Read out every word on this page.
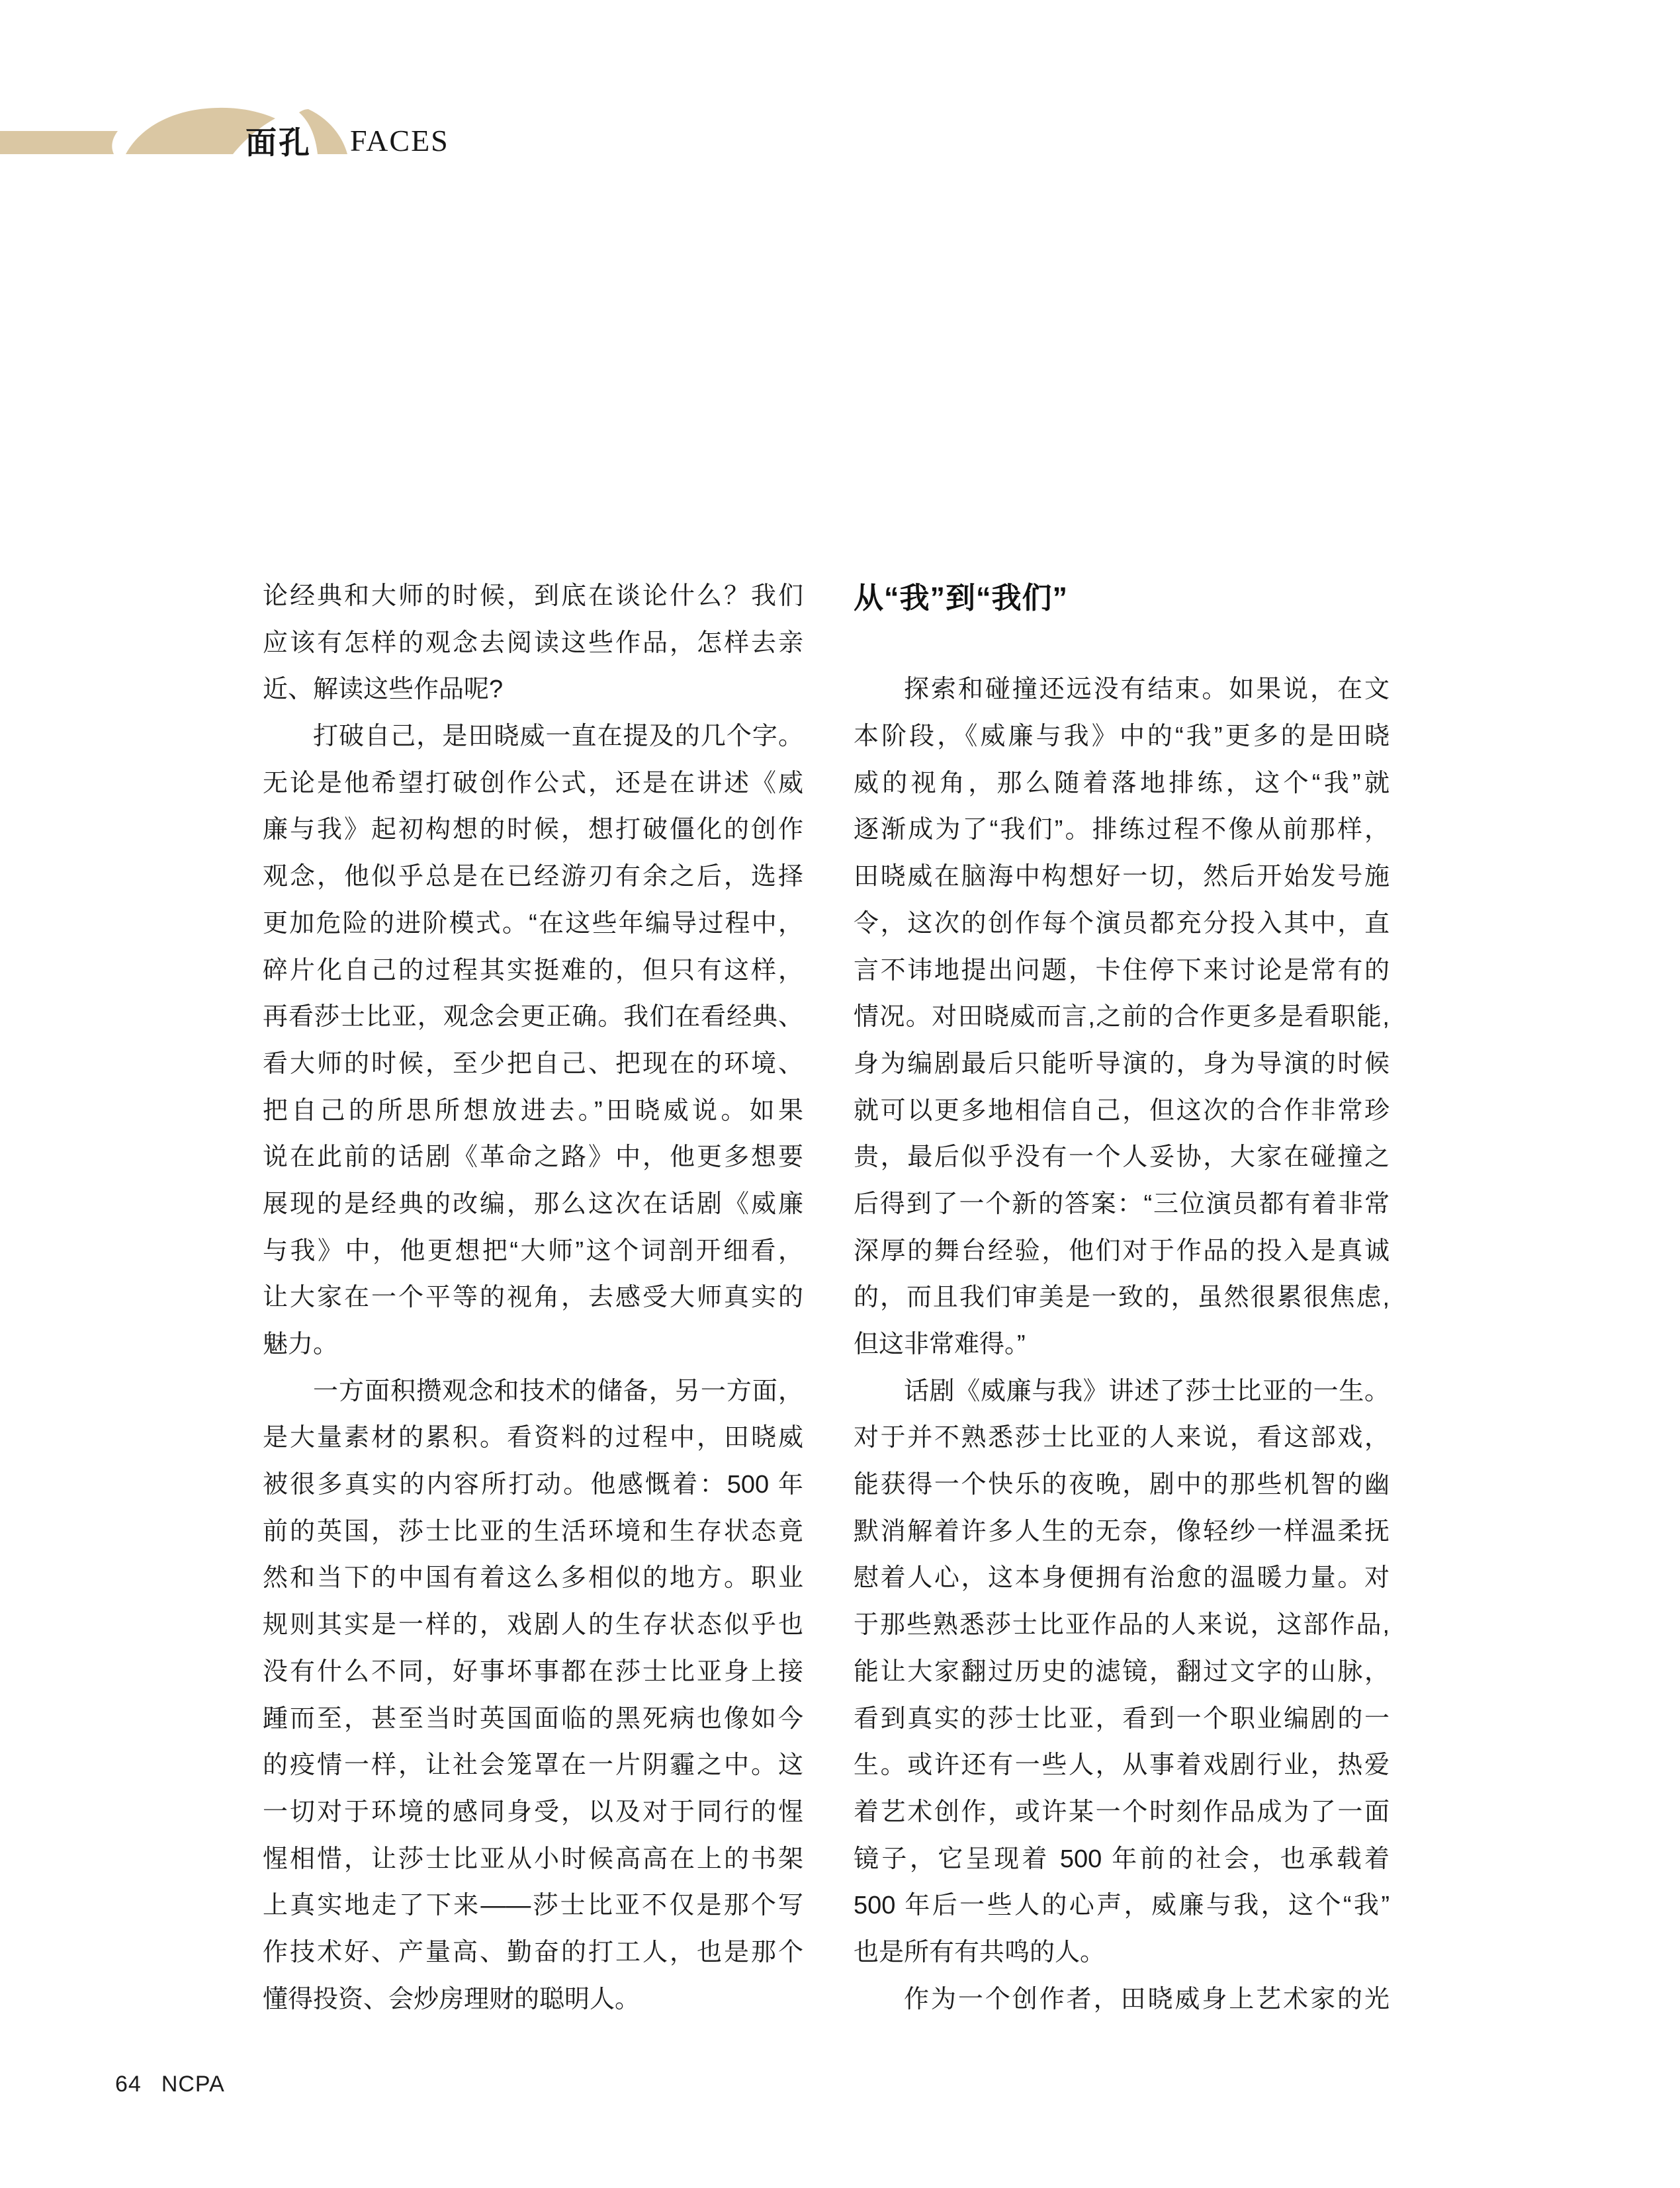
面孔 FACES
论经典和大师的时候，到底在谈论什么？我们
应该有怎样的观念去阅读这些作品，怎样去亲
近、解读这些作品呢?
打破自己，是田晓威一直在提及的几个字。
无论是他希望打破创作公式，还是在讲述《威
廉与我》起初构想的时候，想打破僵化的创作
观念，他似乎总是在已经游刃有余之后，选择
更加危险的进阶模式。“在这些年编导过程中，
碎片化自己的过程其实挺难的，但只有这样，
再看莎士比亚，观念会更正确。我们在看经典、
看大师的时候，至少把自己、把现在的环境、
把自己的所思所想放进去。”田晓威说。如果
说在此前的话剧《革命之路》中，他更多想要
展现的是经典的改编，那么这次在话剧《威廉
与我》中，他更想把“大师”这个词剖开细看，
让大家在一个平等的视角，去感受大师真实的
魅力。
一方面积攒观念和技术的储备，另一方面，
是大量素材的累积。看资料的过程中，田晓威
被很多真实的内容所打动。他感慨着：500 年
前的英国，莎士比亚的生活环境和生存状态竟
然和当下的中国有着这么多相似的地方。职业
规则其实是一样的，戏剧人的生存状态似乎也
没有什么不同，好事坏事都在莎士比亚身上接
踵而至，甚至当时英国面临的黑死病也像如今
的疫情一样，让社会笼罩在一片阴霾之中。这
一切对于环境的感同身受，以及对于同行的惺
惺相惜，让莎士比亚从小时候高高在上的书架
上真实地走了下来——莎士比亚不仅是那个写
作技术好、产量高、勤奋的打工人，也是那个
懂得投资、会炒房理财的聪明人。
从“我”到“我们”
探索和碰撞还远没有结束。如果说，在文
本阶段，《威廉与我》中的“我”更多的是田晓
威的视角，那么随着落地排练，这个“我”就
逐渐成为了“我们”。排练过程不像从前那样，
田晓威在脑海中构想好一切，然后开始发号施
令，这次的创作每个演员都充分投入其中，直
言不讳地提出问题，卡住停下来讨论是常有的
情况。对田晓威而言,之前的合作更多是看职能,
身为编剧最后只能听导演的，身为导演的时候
就可以更多地相信自己，但这次的合作非常珍
贵，最后似乎没有一个人妥协，大家在碰撞之
后得到了一个新的答案：“三位演员都有着非常
深厚的舞台经验，他们对于作品的投入是真诚
的，而且我们审美是一致的，虽然很累很焦虑,
但这非常难得。”
话剧《威廉与我》讲述了莎士比亚的一生。
对于并不熟悉莎士比亚的人来说，看这部戏，
能获得一个快乐的夜晚，剧中的那些机智的幽
默消解着许多人生的无奈，像轻纱一样温柔抚
慰着人心，这本身便拥有治愈的温暖力量。对
于那些熟悉莎士比亚作品的人来说，这部作品,
能让大家翻过历史的滤镜，翻过文字的山脉，
看到真实的莎士比亚，看到一个职业编剧的一
生。或许还有一些人，从事着戏剧行业，热爱
着艺术创作，或许某一个时刻作品成为了一面
镜子，它呈现着 500 年前的社会，也承载着
500 年后一些人的心声，威廉与我，这个“我”
也是所有有共鸣的人。
作为一个创作者，田晓威身上艺术家的光
64 NCPA
